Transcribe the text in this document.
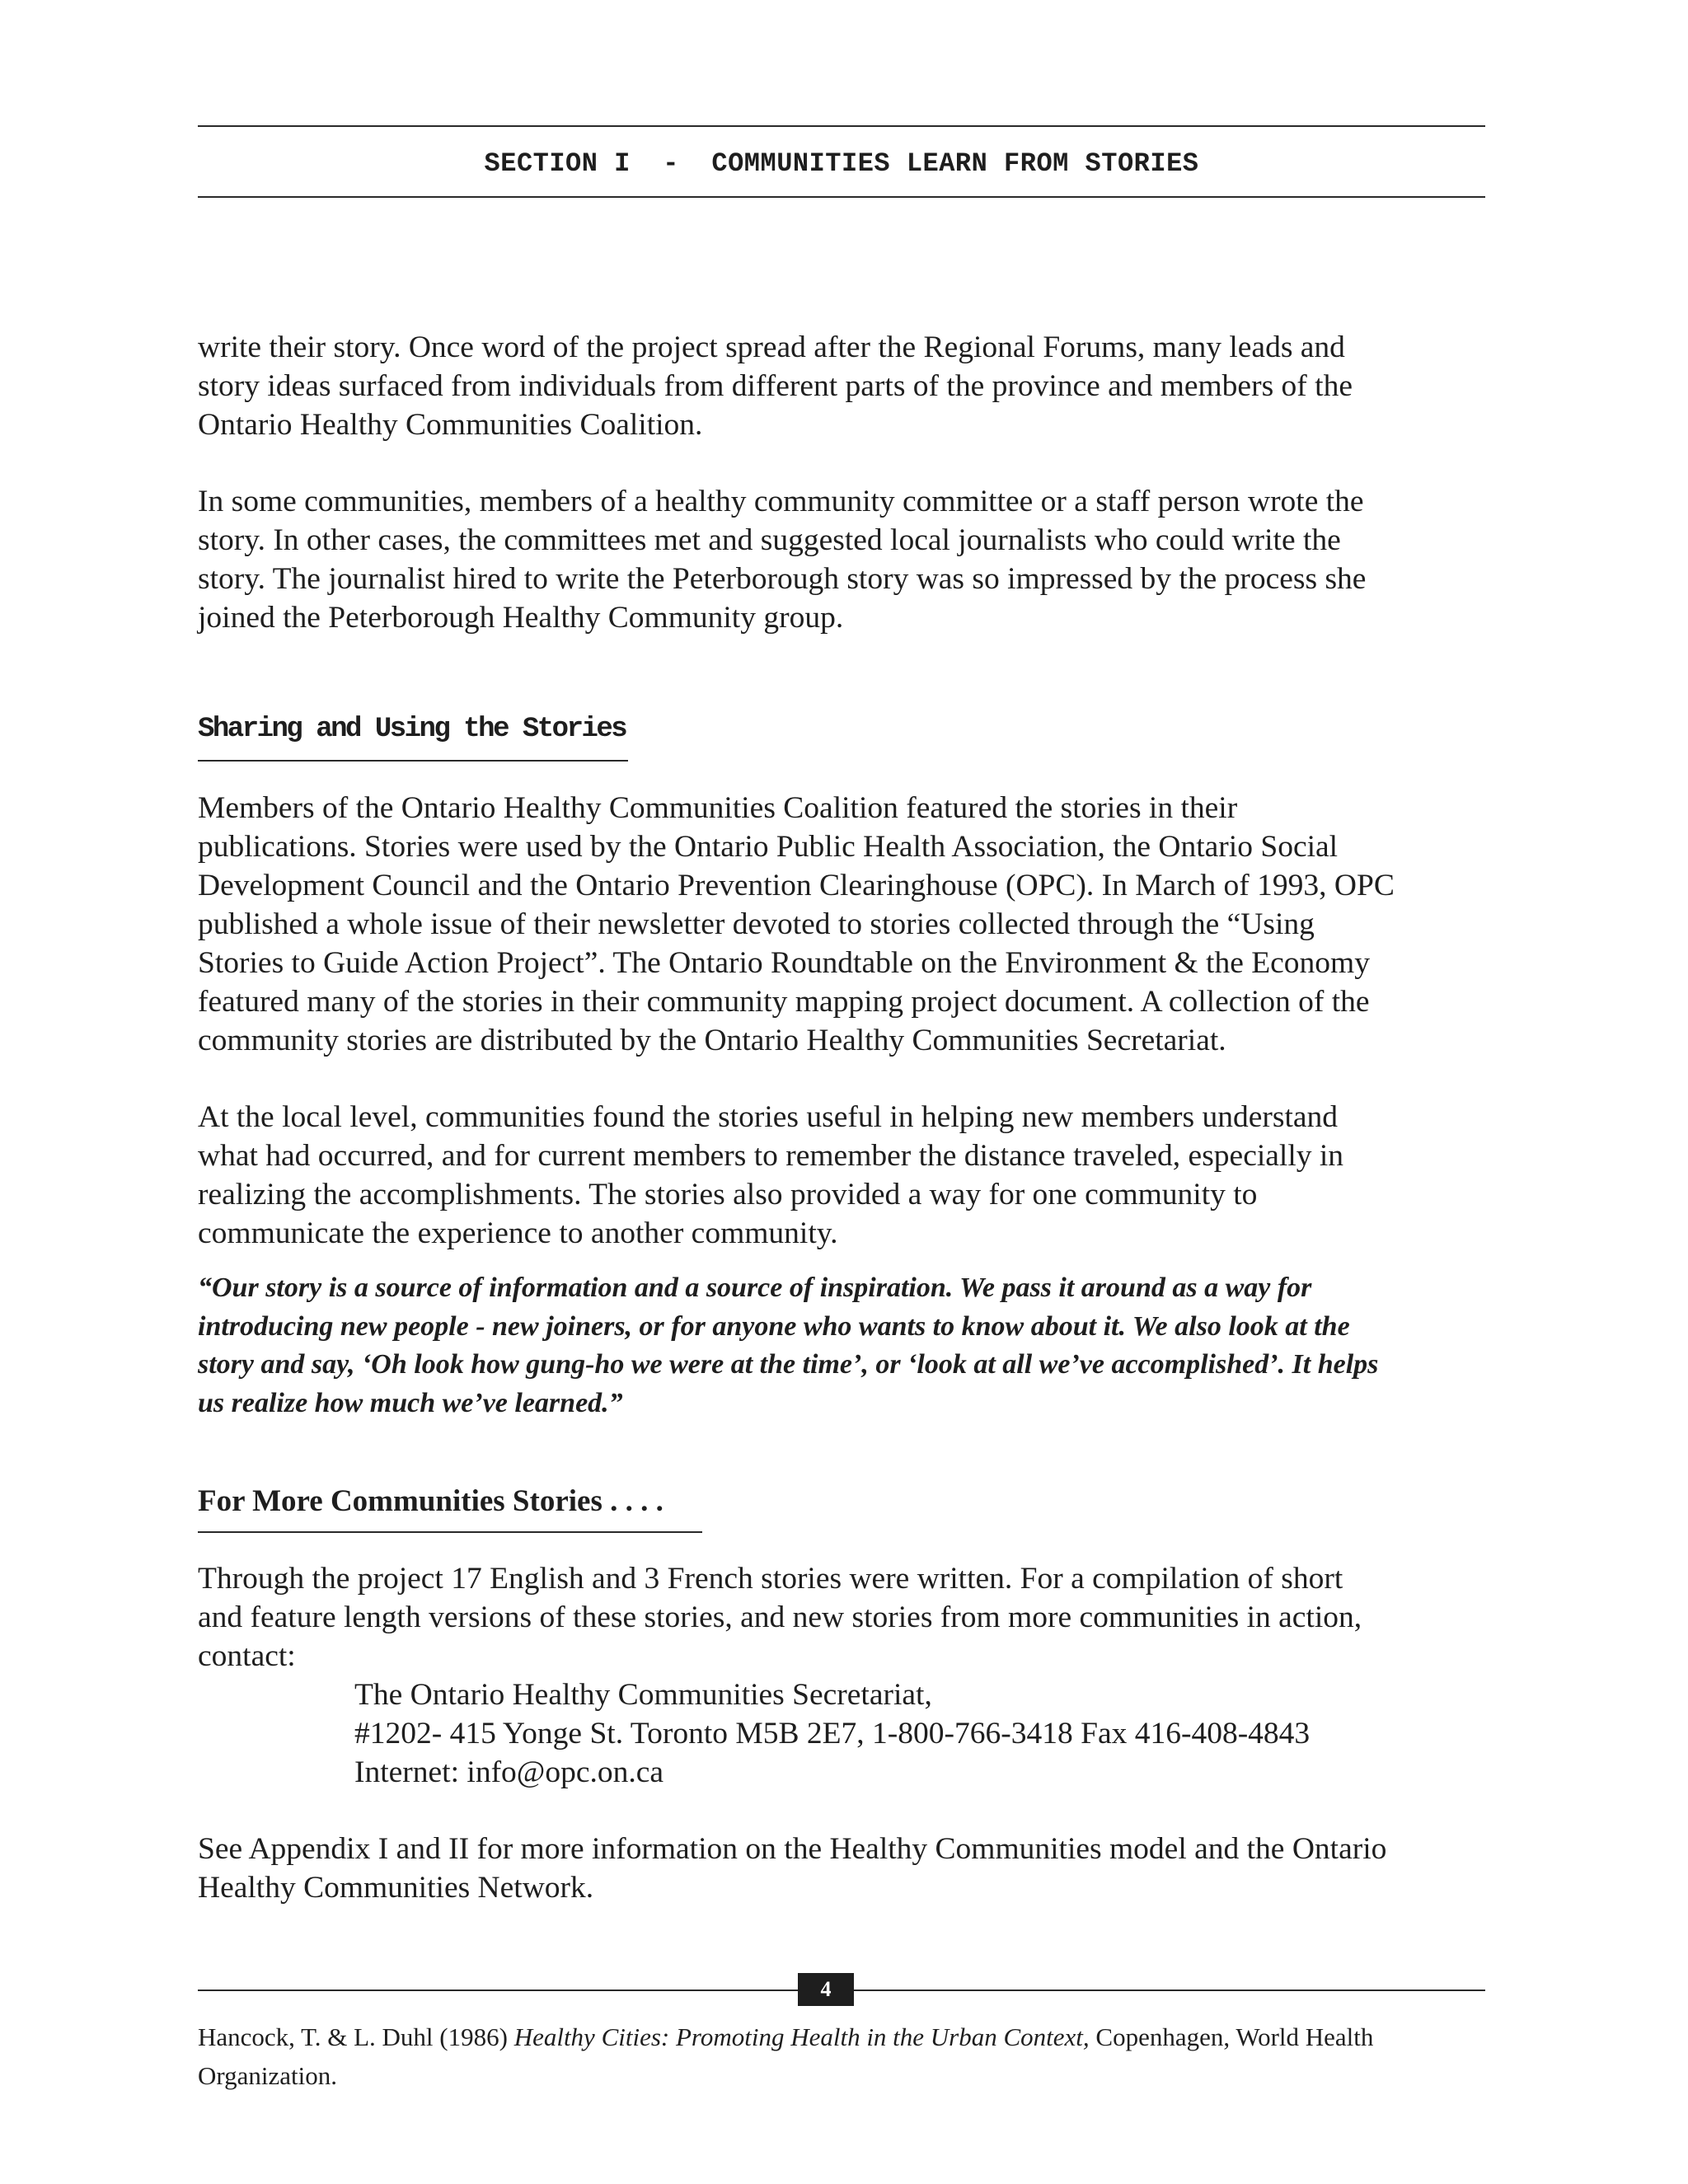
SECTION I  -  COMMUNITIES LEARN FROM STORIES

write their story. Once word of the project spread after the Regional Forums, many leads and
story ideas surfaced from individuals from different parts of the province and members of the
Ontario Healthy Communities Coalition.

In some communities, members of a healthy community committee or a staff person wrote the
story. In other cases, the committees met and suggested local journalists who could write the
story. The journalist hired to write the Peterborough story was so impressed by the process she
joined the Peterborough Healthy Community group.

Sharing and Using the Stories

Members of the Ontario Healthy Communities Coalition featured the stories in their
publications. Stories were used by the Ontario Public Health Association, the Ontario Social
Development Council and the Ontario Prevention Clearinghouse (OPC). In March of 1993, OPC
published a whole issue of their newsletter devoted to stories collected through the “Using
Stories to Guide Action Project”. The Ontario Roundtable on the Environment & the Economy
featured many of the stories in their community mapping project document. A collection of the
community stories are distributed by the Ontario Healthy Communities Secretariat.

At the local level, communities found the stories useful in helping new members understand
what had occurred, and for current members to remember the distance traveled, especially in
realizing the accomplishments. The stories also provided a way for one community to
communicate the experience to another community.

“Our story is a source of information and a source of inspiration. We pass it around as a way for
introducing new people - new joiners, or for anyone who wants to know about it. We also look at the
story and say, ‘Oh look how gung-ho we were at the time’, or ‘look at all we’ve accomplished’. It helps
us realize how much we’ve learned.”

For More Communities Stories . . . .

Through the project 17 English and 3 French stories were written. For a compilation of short
and feature length versions of these stories, and new stories from more communities in action,
contact:

The Ontario Healthy Communities Secretariat,
#1202- 415 Yonge St. Toronto M5B 2E7, 1-800-766-3418 Fax 416-408-4843
Internet: info@opc.on.ca

See Appendix I and II for more information on the Healthy Communities model and the Ontario
Healthy Communities Network.

4

Hancock, T. & L. Duhl (1986) Healthy Cities: Promoting Health in the Urban Context, Copenhagen, World Health
Organization.
